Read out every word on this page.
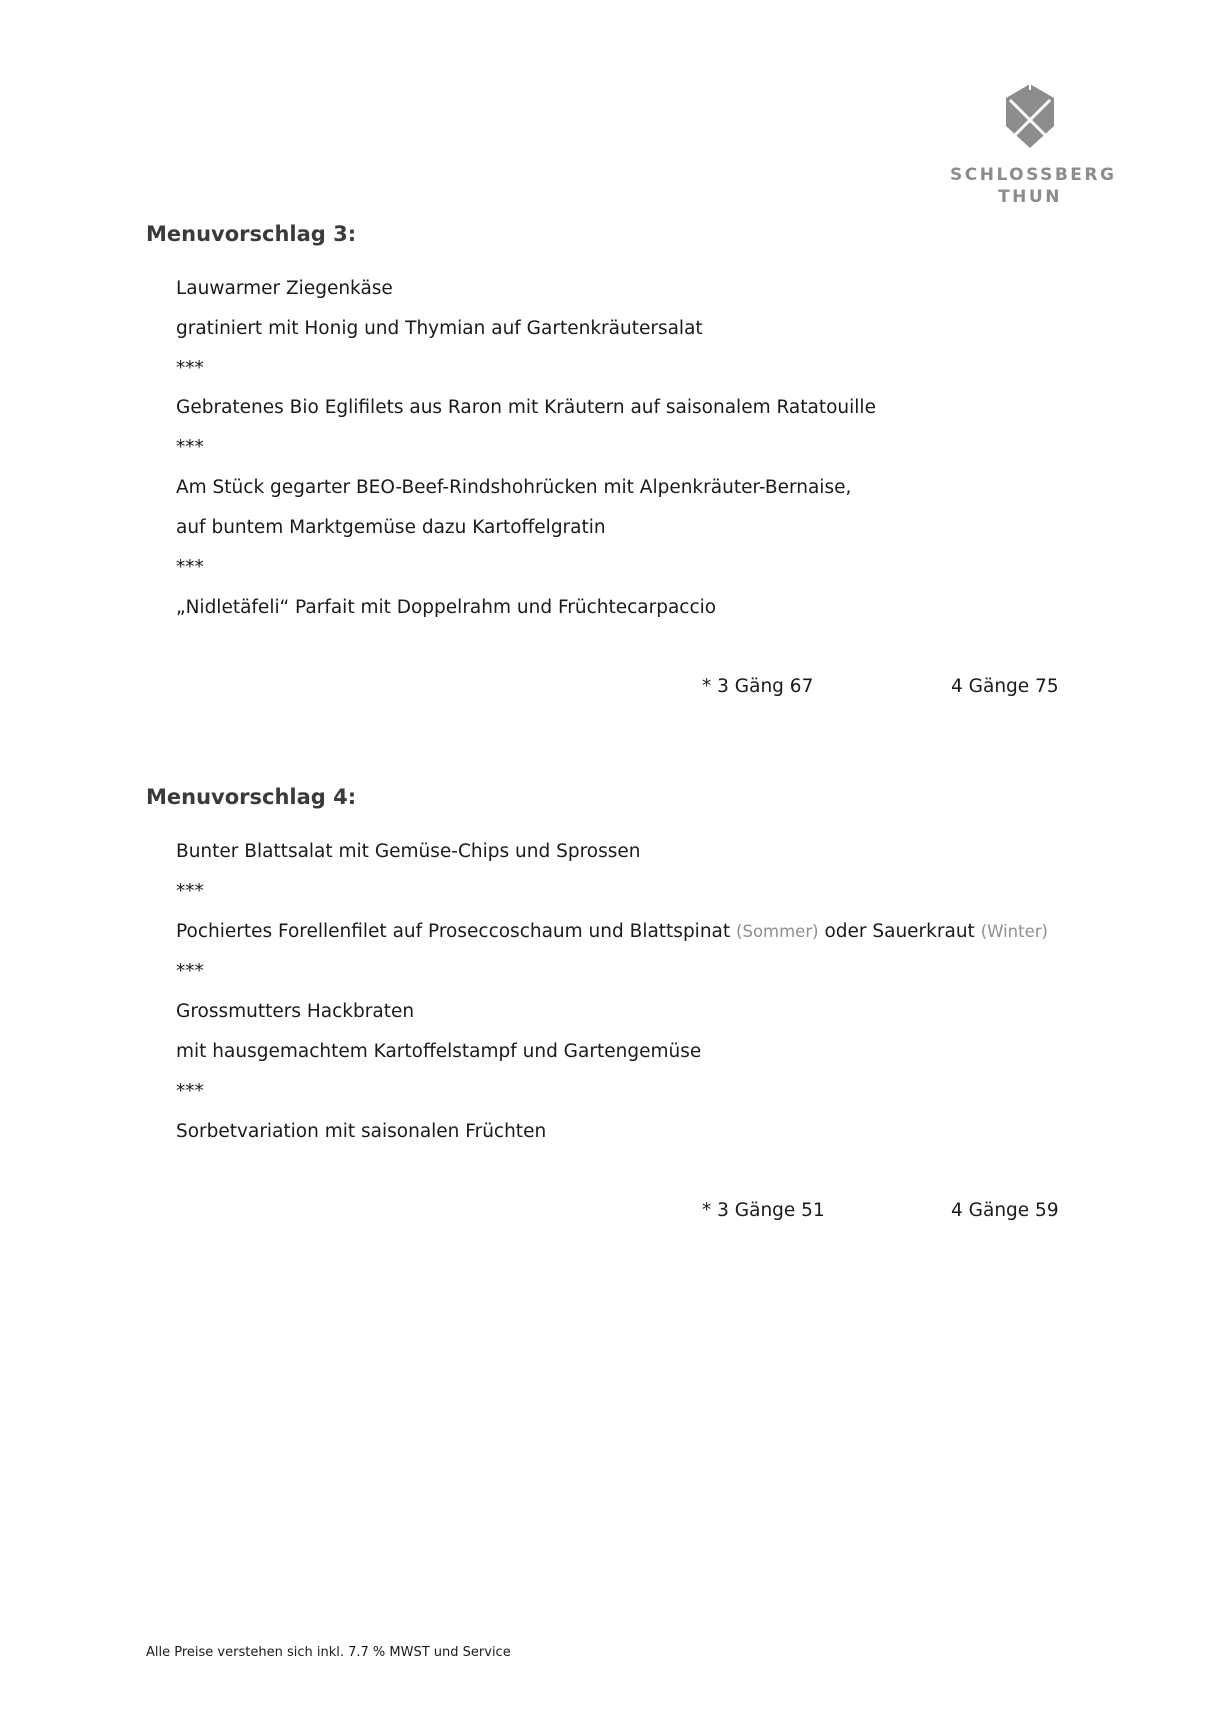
SCHLOSSBERG
THUN
Menuvorschlag 3:
Lauwarmer Ziegenkäse
gratiniert mit Honig und Thymian auf Gartenkräutersalat
***
Gebratenes Bio Eglifilets aus Raron mit Kräutern auf saisonalem Ratatouille
***
Am Stück gegarter BEO-Beef-Rindshohrücken mit Alpenkräuter-Bernaise,
auf buntem Marktgemüse dazu Kartoffelgratin
***
„Nidletäfeli“ Parfait mit Doppelrahm und Früchtecarpaccio
* 3 Gäng 67	4 Gänge 75
Menuvorschlag 4:
Bunter Blattsalat mit Gemüse-Chips und Sprossen
***
Pochiertes Forellenfilet auf Proseccoschaum und Blattspinat (Sommer) oder Sauerkraut (Winter)
***
Grossmutters Hackbraten
mit hausgemachtem Kartoffelstampf und Gartengemüse
***
Sorbetvariation mit saisonalen Früchten
* 3 Gänge 51	4 Gänge 59
Alle Preise verstehen sich inkl. 7.7 % MWST und Service
